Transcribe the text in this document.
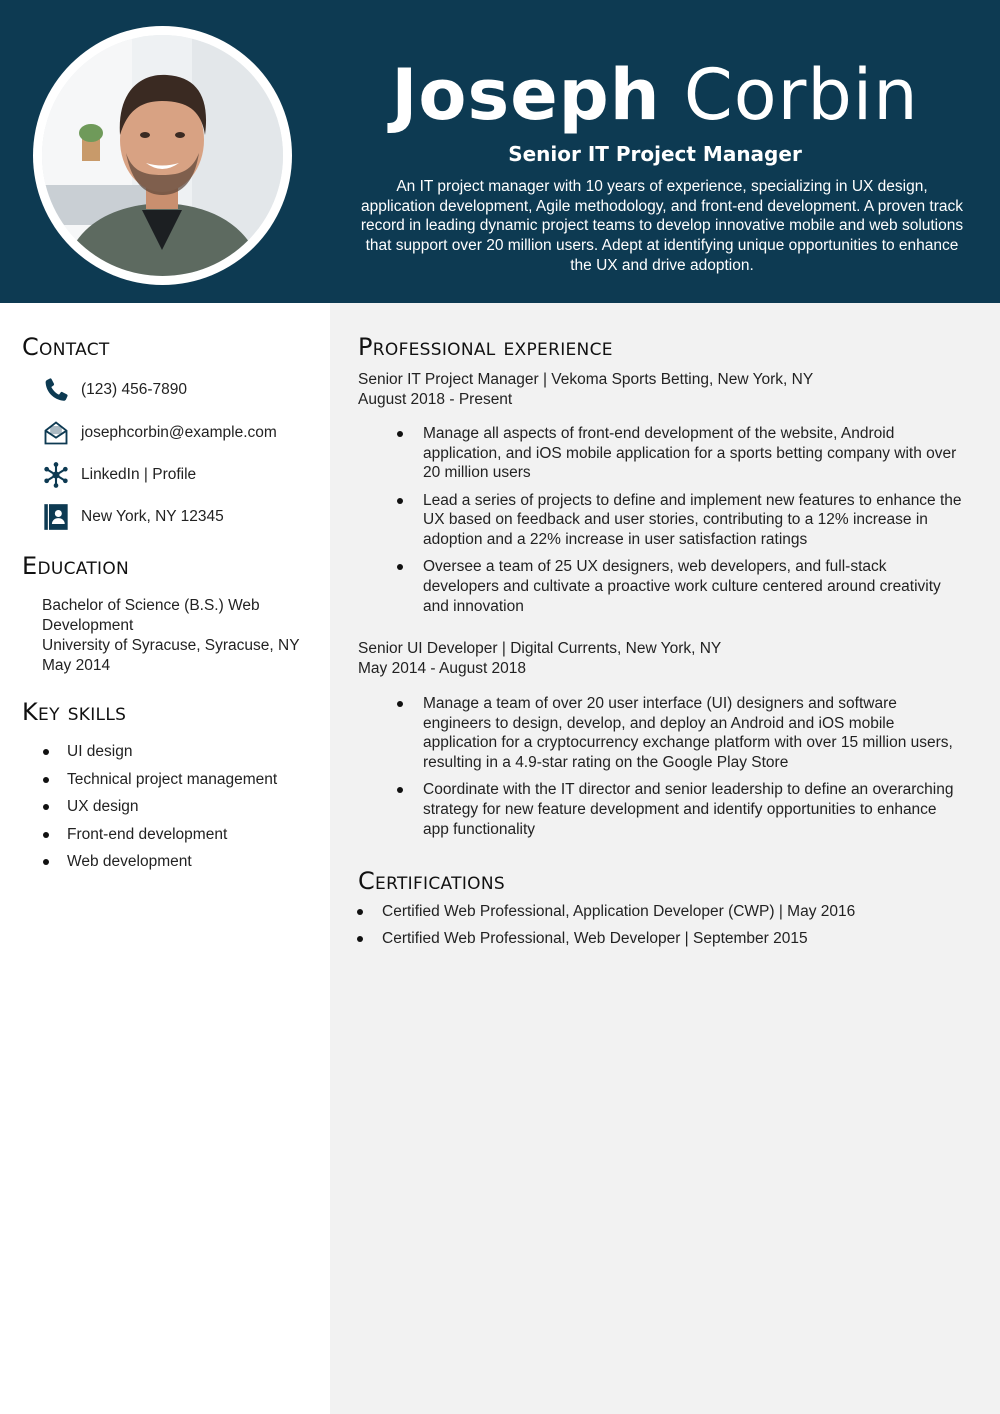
Joseph Corbin
Senior IT Project Manager
An IT project manager with 10 years of experience, specializing in UX design, application development, Agile methodology, and front-end development. A proven track record in leading dynamic project teams to develop innovative mobile and web solutions that support over 20 million users. Adept at identifying unique opportunities to enhance the UX and drive adoption.
Contact
(123) 456-7890
josephcorbin@example.com
LinkedIn | Profile
New York, NY 12345
Education
Bachelor of Science (B.S.) Web Development
University of Syracuse, Syracuse, NY
May 2014
Key skills
UI design
Technical project management
UX design
Front-end development
Web development
Professional experience
Senior IT Project Manager | Vekoma Sports Betting, New York, NY
August 2018 - Present
Manage all aspects of front-end development of the website, Android application, and iOS mobile application for a sports betting company with over 20 million users
Lead a series of projects to define and implement new features to enhance the UX based on feedback and user stories, contributing to a 12% increase in adoption and a 22% increase in user satisfaction ratings
Oversee a team of 25 UX designers, web developers, and full-stack developers and cultivate a proactive work culture centered around creativity and innovation
Senior UI Developer | Digital Currents, New York, NY
May 2014 - August 2018
Manage a team of over 20 user interface (UI) designers and software engineers to design, develop, and deploy an Android and iOS mobile application for a cryptocurrency exchange platform with over 15 million users, resulting in a 4.9-star rating on the Google Play Store
Coordinate with the IT director and senior leadership to define an overarching strategy for new feature development and identify opportunities to enhance app functionality
Certifications
Certified Web Professional, Application Developer (CWP) | May 2016
Certified Web Professional, Web Developer | September 2015
